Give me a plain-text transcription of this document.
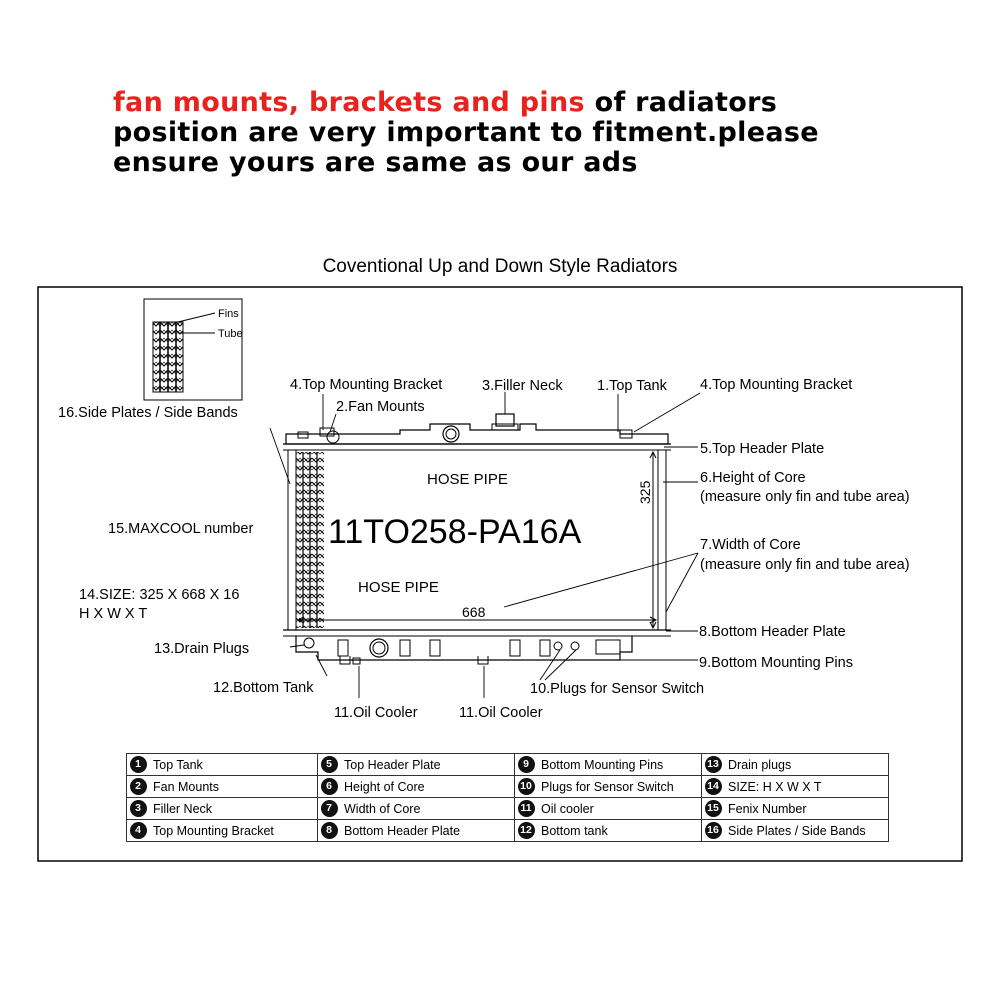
fan mounts, brackets and pins of radiators
position are very important to fitment.please
ensure yours are same as our ads
Coventional Up and Down Style Radiators
Fins
Tube
HOSE PIPE
HOSE PIPE
11TO258-PA16A
325
668
4.Top Mounting Bracket	3.Filler Neck 1.Top Tank 4.Top Mounting Bracket
2.Fan Mounts
16.Side Plates / Side Bands
5.Top Header Plate
6.Height of Core
(measure only fin and tube area)
15.MAXCOOL number
7.Width of Core
(measure only fin and tube area)
14.SIZE: 325 X 668 X 16
H X W X T
13.Drain Plugs
8.Bottom Header Plate
9.Bottom Mounting Pins
12.Bottom Tank	10.Plugs for Sensor Switch
11.Oil Cooler	11.Oil Cooler
1	Top Tank	5	Top Header Plate	9	Bottom Mounting Pins	13	Drain plugs
2	Fan Mounts	6	Height of Core	10	Plugs for Sensor Switch	14	SIZE: H X W X T
3	Filler Neck	7	Width of Core	11	Oil cooler	15	Fenix Number
4	Top Mounting Bracket	8	Bottom Header Plate	12	Bottom tank	16	Side Plates / Side Bands
